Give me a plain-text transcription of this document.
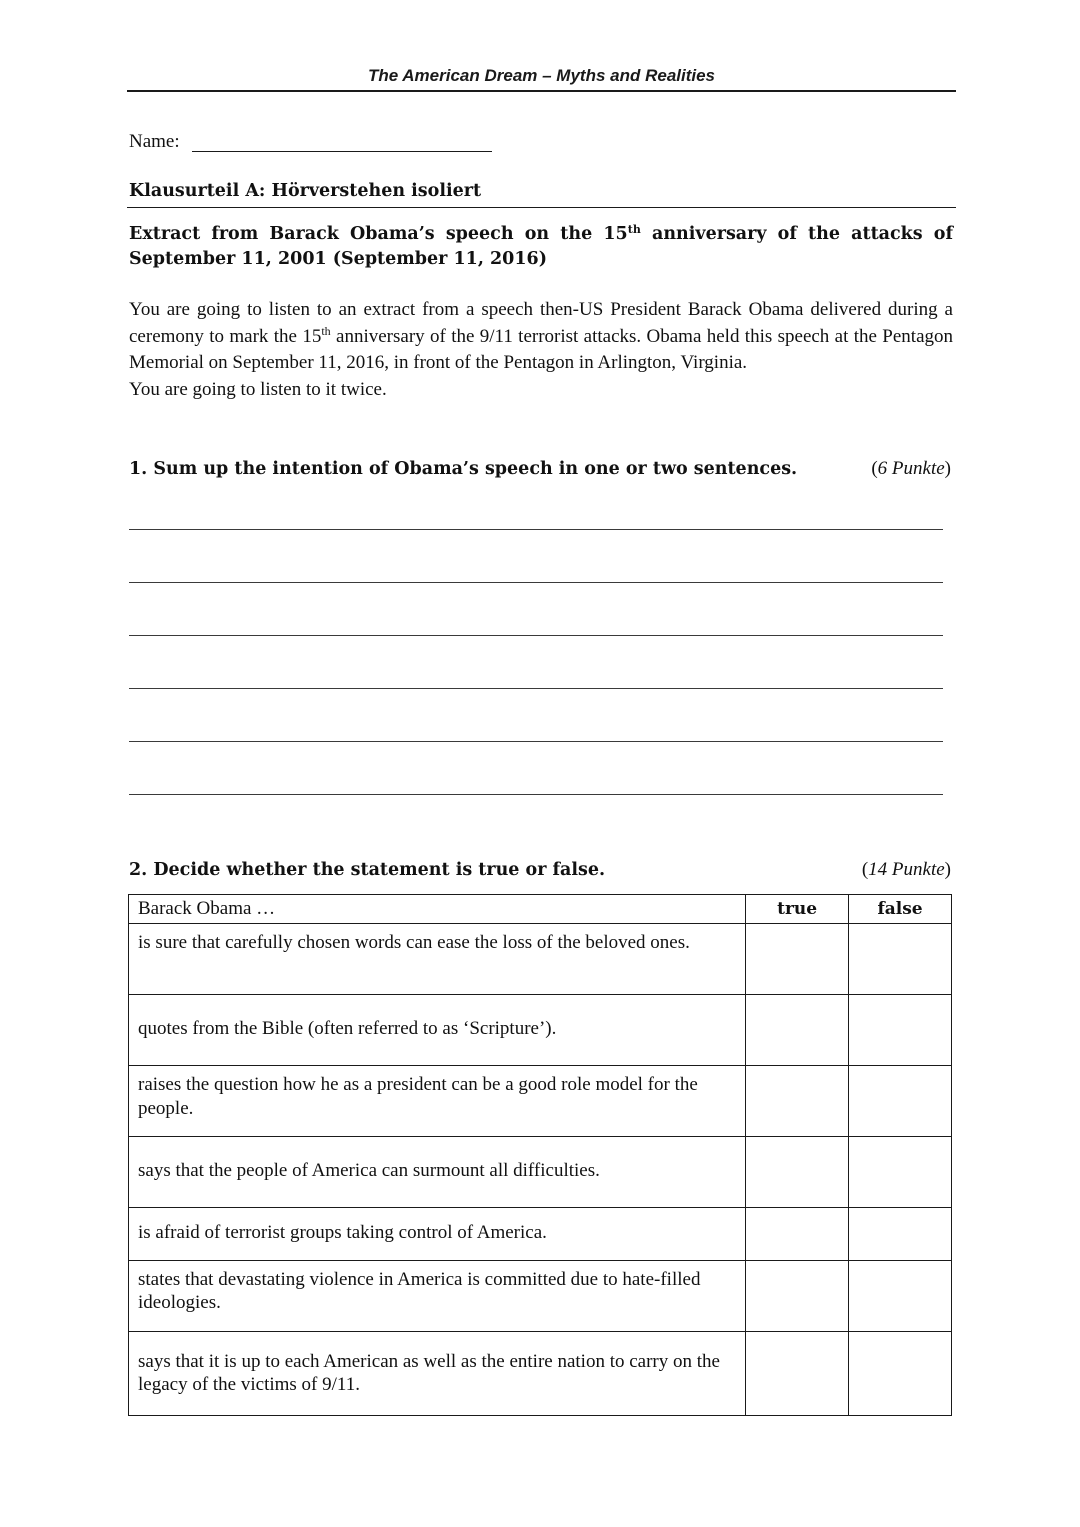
The American Dream – Myths and Realities
Name:
Klausurteil A: Hörverstehen isoliert
Extract from Barack Obama’s speech on the 15th anniversary of the attacks of September 11, 2001 (September 11, 2016)

You are going to listen to an extract from a speech then-US President Barack Obama delivered during a ceremony to mark the 15th anniversary of the 9/11 terrorist attacks. Obama held this speech at the Pentagon Memorial on September 11, 2016, in front of the Pentagon in Arlington, Virginia.

You are going to listen to it twice.

1. Sum up the intention of Obama’s speech in one or two sentences.	(6 Punkte)
2. Decide whether the statement is true or false.	(14 Punkte)
Barack Obama …	true	false
is sure that carefully chosen words can ease the loss of the beloved ones.		
quotes from the Bible (often referred to as ‘Scripture’).		
raises the question how he as a president can be a good role model for the people.		
says that the people of America can surmount all difficulties.		
is afraid of terrorist groups taking control of America.		
states that devastating violence in America is committed due to hate-filled ideologies.		
says that it is up to each American as well as the entire nation to carry on the legacy of the victims of 9/11.		
